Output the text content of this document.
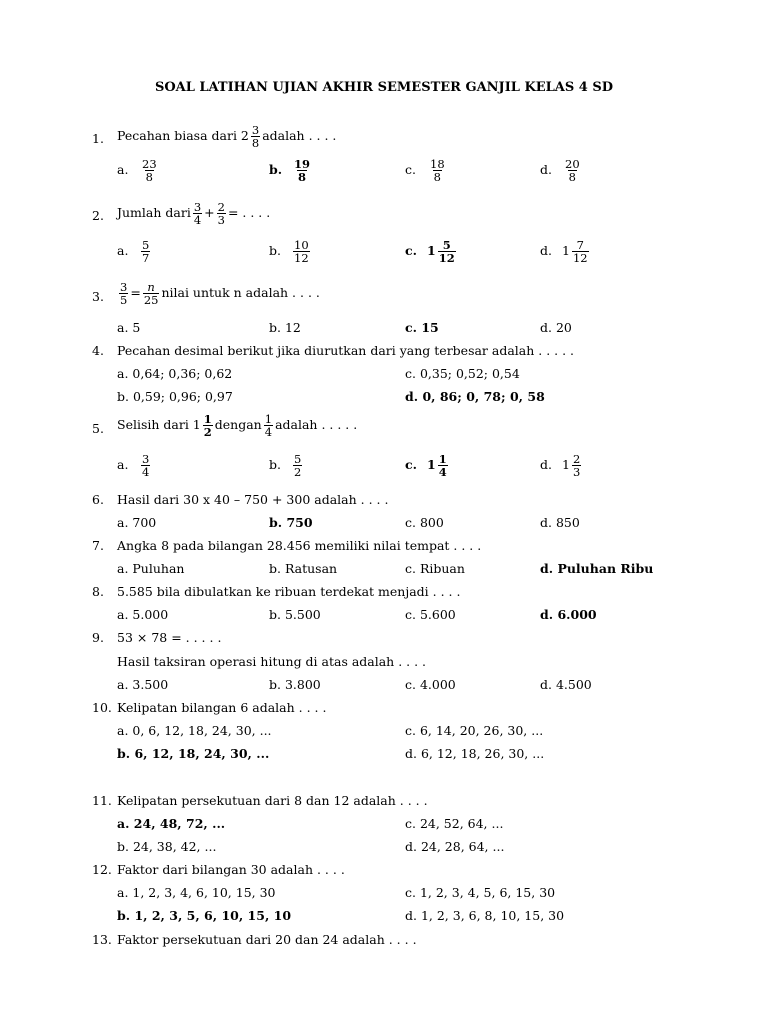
SOAL LATIHAN UJIAN AKHIR SEMESTER GANJIL KELAS 4 SD
1. Pecahan biasa dari $2 \frac{3}{8}$ adalah . . . .
a. $\frac{23}{8}$	b. $\frac{19}{8}$	c. $\frac{18}{8}$	d. $\frac{20}{8}$
2. Jumlah dari $\frac{3}{4} + \frac{2}{3}$ = . . . .
a. $\frac{5}{7}$	b. $\frac{10}{12}$	c. $1 \frac{5}{12}$	d. $1 \frac{7}{12}$
3. $\frac{3}{5} = \frac{n}{25}$ nilai untuk n adalah . . . .
a. 5	b. 12	c. 15	d. 20
4. Pecahan desimal berikut jika diurutkan dari yang terbesar adalah . . . . .
a. 0,64; 0,36; 0,62	c. 0,35; 0,52; 0,54
b. 0,59; 0,96; 0,97	d. 0, 86; 0, 78; 0, 58
5. Selisih dari $1 \frac{1}{2}$ dengan $\frac{1}{4}$ adalah . . . . .
a. $\frac{3}{4}$	b. $\frac{5}{2}$	c. $1 \frac{1}{4}$	d. $1 \frac{2}{3}$
6. Hasil dari 30 x 40 – 750 + 300 adalah . . . .
a. 700	b. 750	c. 800	d. 850
7. Angka 8 pada bilangan 28.456 memiliki nilai tempat . . . .
a. Puluhan	b. Ratusan	c. Ribuan	d. Puluhan Ribu
8. 5.585 bila dibulatkan ke ribuan terdekat menjadi . . . .
a. 5.000	b. 5.500	c. 5.600	d. 6.000
9. 53 × 78 = . . . . .
Hasil taksiran operasi hitung di atas adalah . . . .
a. 3.500	b. 3.800	c. 4.000	d. 4.500
10. Kelipatan bilangan 6 adalah . . . .
a. 0, 6, 12, 18, 24, 30, ...	c. 6, 14, 20, 26, 30, ...
b. 6, 12, 18, 24, 30, ...	d. 6, 12, 18, 26, 30, ...
11. Kelipatan persekutuan dari 8 dan 12 adalah . . . .
a. 24, 48, 72, ...	c. 24, 52, 64, ...
b. 24, 38, 42, ...	d. 24, 28, 64, ...
12. Faktor dari bilangan 30 adalah . . . .
a. 1, 2, 3, 4, 6, 10, 15, 30	c. 1, 2, 3, 4, 5, 6, 15, 30
b. 1, 2, 3, 5, 6, 10, 15, 10	d. 1, 2, 3, 6, 8, 10, 15, 30
13. Faktor persekutuan dari 20 dan 24 adalah . . . .
